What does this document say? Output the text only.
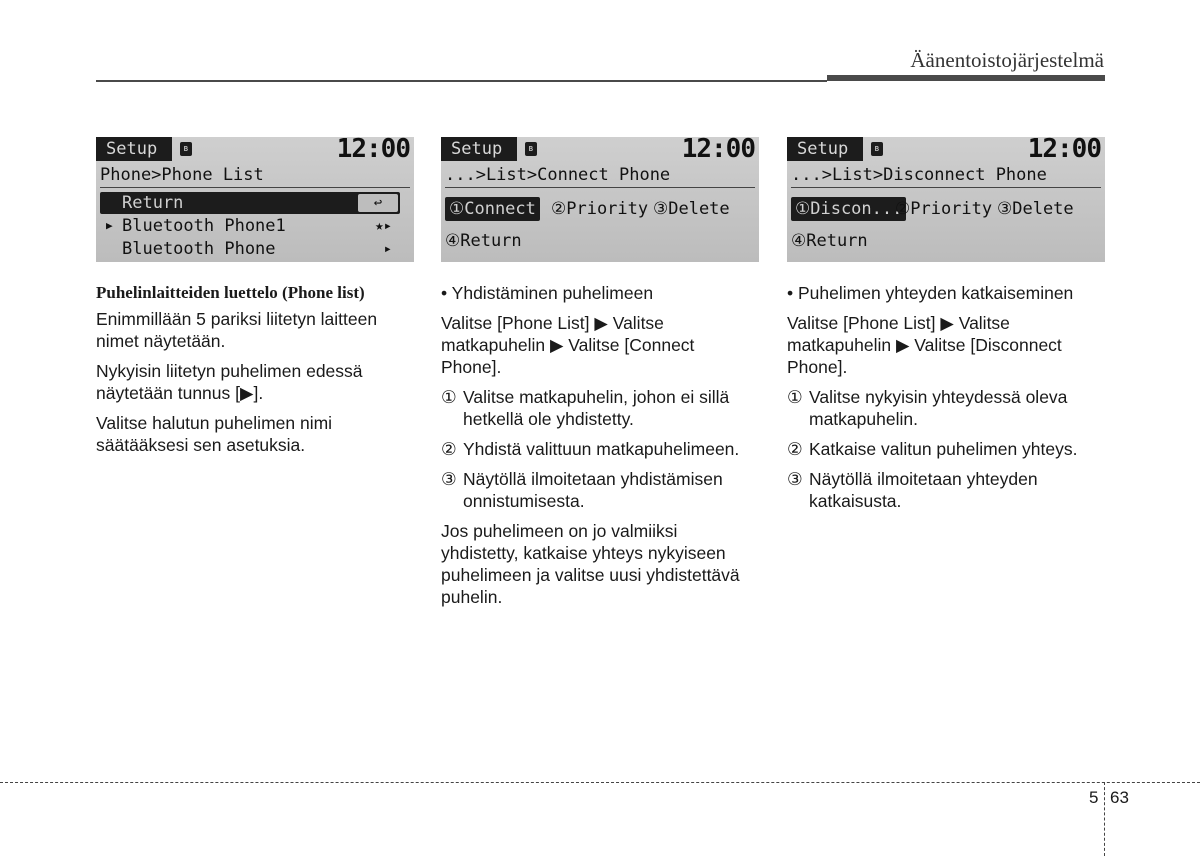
Äänentoistojärjestelmä
Setup	ʙ	12:00
Phone>Phone List
Return	↩
▶ Bluetooth Phone1	★▸
Bluetooth Phone	▸
Setup	ʙ	12:00
...>List>Connect Phone
①Connect ②Priority ③Delete
④Return
Setup	ʙ	12:00
...>List>Disconnect Phone
①Discon...
②Priority ③Delete
④Return

Puhelinlaitteiden luettelo (Phone list)

Enimmillään 5 pariksi liitetyn laitteen nimet näytetään.

Nykyisin liitetyn puhelimen edessä näytetään tunnus [▶].

Valitse halutun puhelimen nimi säätääksesi sen asetuksia.

• Yhdistäminen puhelimeen

Valitse [Phone List] ▶ Valitse matkapuhelin ▶ Valitse [Connect Phone].

① Valitse matkapuhelin, johon ei sillä hetkellä ole yhdistetty.
② Yhdistä valittuun matkapuhelimeen.
③ Näytöllä ilmoitetaan yhdistämisen onnistumisesta.

Jos puhelimeen on jo valmiiksi yhdistetty, katkaise yhteys nykyiseen puhelimeen ja valitse uusi yhdistettävä puhelin.

• Puhelimen yhteyden katkaiseminen

Valitse [Phone List] ▶ Valitse matkapuhelin ▶ Valitse [Disconnect Phone].

① Valitse nykyisin yhteydessä oleva matkapuhelin.
② Katkaise valitun puhelimen yhteys.
③ Näytöllä ilmoitetaan yhteyden katkaisusta.
5 63
